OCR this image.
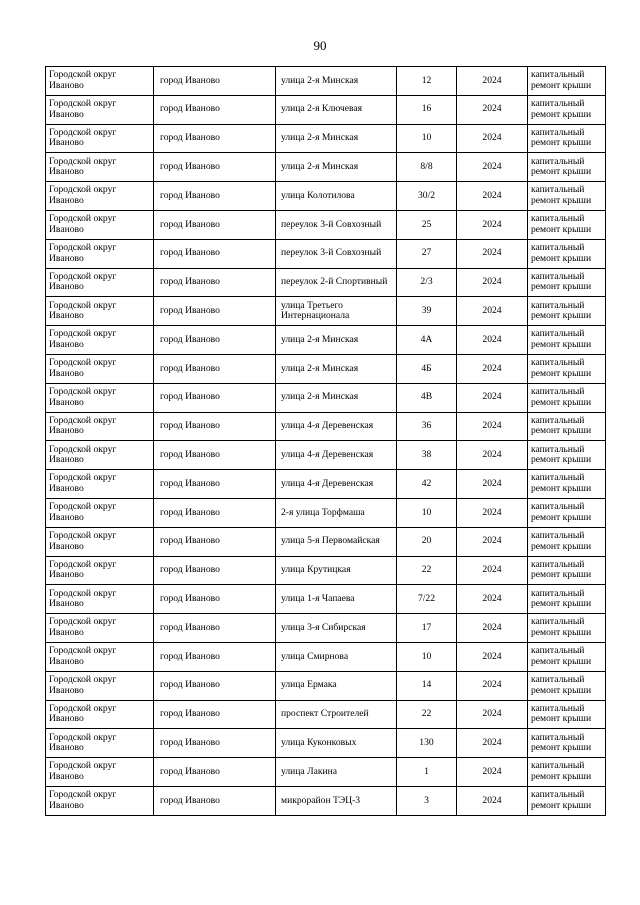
90
Городской округ Иваново	город Иваново	улица 2-я Минская	12	2024	капитальный ремонт крыши
Городской округ Иваново	город Иваново	улица 2-я Ключевая	16	2024	капитальный ремонт крыши
Городской округ Иваново	город Иваново	улица 2-я Минская	10	2024	капитальный ремонт крыши
Городской округ Иваново	город Иваново	улица 2-я Минская	8/8	2024	капитальный ремонт крыши
Городской округ Иваново	город Иваново	улица Колотилова	30/2	2024	капитальный ремонт крыши
Городской округ Иваново	город Иваново	переулок 3-й Совхозный	25	2024	капитальный ремонт крыши
Городской округ Иваново	город Иваново	переулок 3-й Совхозный	27	2024	капитальный ремонт крыши
Городской округ Иваново	город Иваново	переулок 2-й Спортивный	2/3	2024	капитальный ремонт крыши
Городской округ Иваново	город Иваново	улица Третьего Интернационала	39	2024	капитальный ремонт крыши
Городской округ Иваново	город Иваново	улица 2-я Минская	4А	2024	капитальный ремонт крыши
Городской округ Иваново	город Иваново	улица 2-я Минская	4Б	2024	капитальный ремонт крыши
Городской округ Иваново	город Иваново	улица 2-я Минская	4В	2024	капитальный ремонт крыши
Городской округ Иваново	город Иваново	улица 4-я Деревенская	36	2024	капитальный ремонт крыши
Городской округ Иваново	город Иваново	улица 4-я Деревенская	38	2024	капитальный ремонт крыши
Городской округ Иваново	город Иваново	улица 4-я Деревенская	42	2024	капитальный ремонт крыши
Городской округ Иваново	город Иваново	2-я улица Торфмаша	10	2024	капитальный ремонт крыши
Городской округ Иваново	город Иваново	улица 5-я Первомайская	20	2024	капитальный ремонт крыши
Городской округ Иваново	город Иваново	улица Крутицкая	22	2024	капитальный ремонт крыши
Городской округ Иваново	город Иваново	улица 1-я Чапаева	7/22	2024	капитальный ремонт крыши
Городской округ Иваново	город Иваново	улица 3-я Сибирская	17	2024	капитальный ремонт крыши
Городской округ Иваново	город Иваново	улица Смирнова	10	2024	капитальный ремонт крыши
Городской округ Иваново	город Иваново	улица Ермака	14	2024	капитальный ремонт крыши
Городской округ Иваново	город Иваново	проспект Строителей	22	2024	капитальный ремонт крыши
Городской округ Иваново	город Иваново	улица Куконковых	130	2024	капитальный ремонт крыши
Городской округ Иваново	город Иваново	улица Лакина	1	2024	капитальный ремонт крыши
Городской округ Иваново	город Иваново	микрорайон ТЭЦ-3	3	2024	капитальный ремонт крыши
